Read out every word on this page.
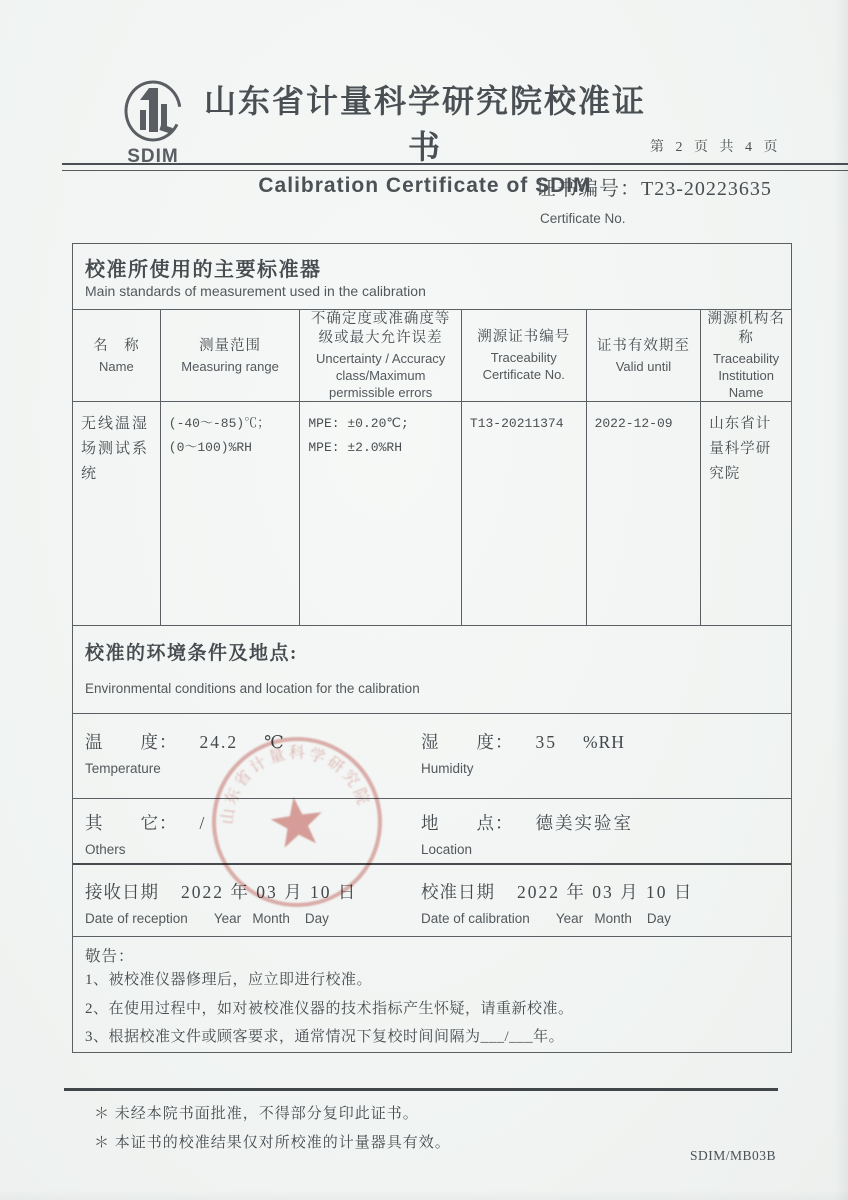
SDIM
山东省计量科学研究院校准证书
Calibration Certificate of SDIM
第 2 页 共 4 页
证书编号：T23-20223635
Certificate No.
校准所使用的主要标准器
Main standards of measurement used in the calibration
名　称
Name
测量范围
Measuring range
不确定度或准确度等级或最大允许误差
Uncertainty / Accuracy class/Maximum permissible errors
溯源证书编号
Traceability Certificate No.
证书有效期至
Valid until
溯源机构名称
Traceability Institution Name
无线温湿场测试系统
(-40～-85)℃；
(0～100)%RH
MPE: ±0.20℃;
MPE: ±2.0%RH
T13-20211374	2022-12-09	山东省计量科学研究院
校准的环境条件及地点:
Environmental conditions and location for the calibration
温　　度： 24.2 ℃
Temperature
湿　　度： 35 %RH
Humidity
其　　它： /
Others
地　　点： 德美实验室
Location
接收日期 2022 年 03 月 10 日
Date of reception Year   Month    Day
校准日期 2022 年 03 月 10 日
Date of calibration Year   Month    Day
敬告：
1、被校准仪器修理后，应立即进行校准。
2、在使用过程中，如对被校准仪器的技术指标产生怀疑，请重新校准。
3、根据校准文件或顾客要求，通常情况下复校时间间隔为___/___年。
山东省计量科学研究院
＊ 未经本院书面批准，不得部分复印此证书。
＊ 本证书的校准结果仅对所校准的计量器具有效。
SDIM/MB03B
